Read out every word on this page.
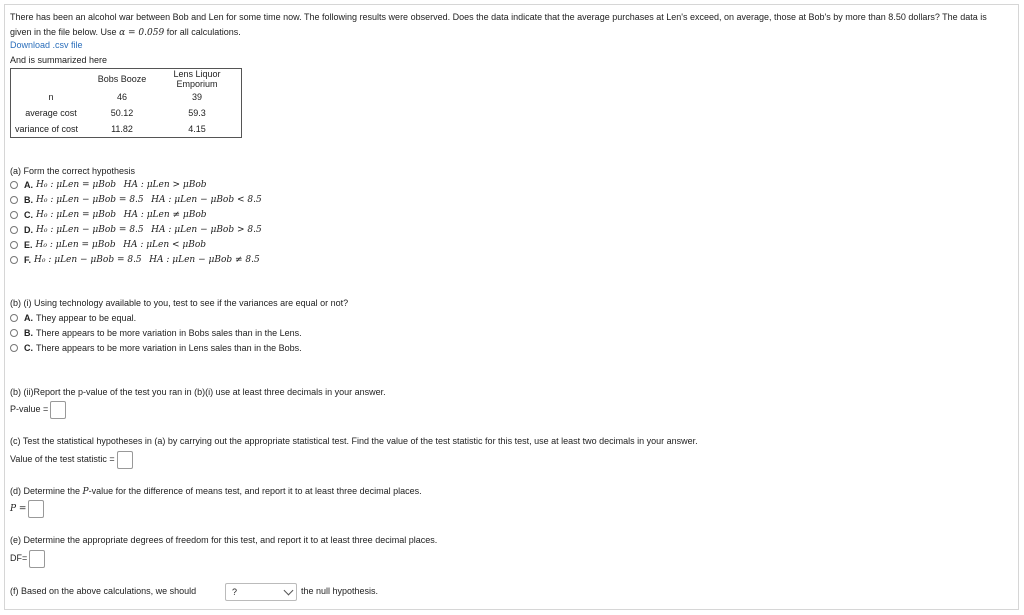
There has been an alcohol war between Bob and Len for some time now. The following results were observed. Does the data indicate that the average purchases at Len's exceed, on average, those at Bob's by more than 8.50 dollars? The data is given in the file below. Use α = 0.059 for all calculations.
Download .csv file
And is summarized here
	Bobs Booze	Lens Liquor Emporium
n	46	39
average cost	50.12	59.3
variance of cost	11.82	4.15
(a) Form the correct hypothesis
A. H₀ : μLen = μBob
HA : μLen > μBob
B. H₀ : μLen − μBob = 8.5
HA : μLen − μBob < 8.5
C. H₀ : μLen = μBob
HA : μLen ≠ μBob
D. H₀ : μLen − μBob = 8.5
HA : μLen − μBob > 8.5
E. H₀ : μLen = μBob
HA : μLen < μBob
F. H₀ : μLen − μBob = 8.5
HA : μLen − μBob ≠ 8.5
(b) (i) Using technology available to you, test to see if the variances are equal or not?
A. They appear to be equal.
B. There appears to be more variation in Bobs sales than in the Lens.
C. There appears to be more variation in Lens sales than in the Bobs.
(b) (ii)Report the p-value of the test you ran in (b)(i) use at least three decimals in your answer.
P-value =
(c) Test the statistical hypotheses in (a) by carrying out the appropriate statistical test. Find the value of the test statistic for this test, use at least two decimals in your answer.
Value of the test statistic =
(d) Determine the P-value for the difference of means test, and report it to at least three decimal places.
P =
(e) Determine the appropriate degrees of freedom for this test, and report it to at least three decimal places.
DF=
(f) Based on the above calculations, we should	?	the null hypothesis.
